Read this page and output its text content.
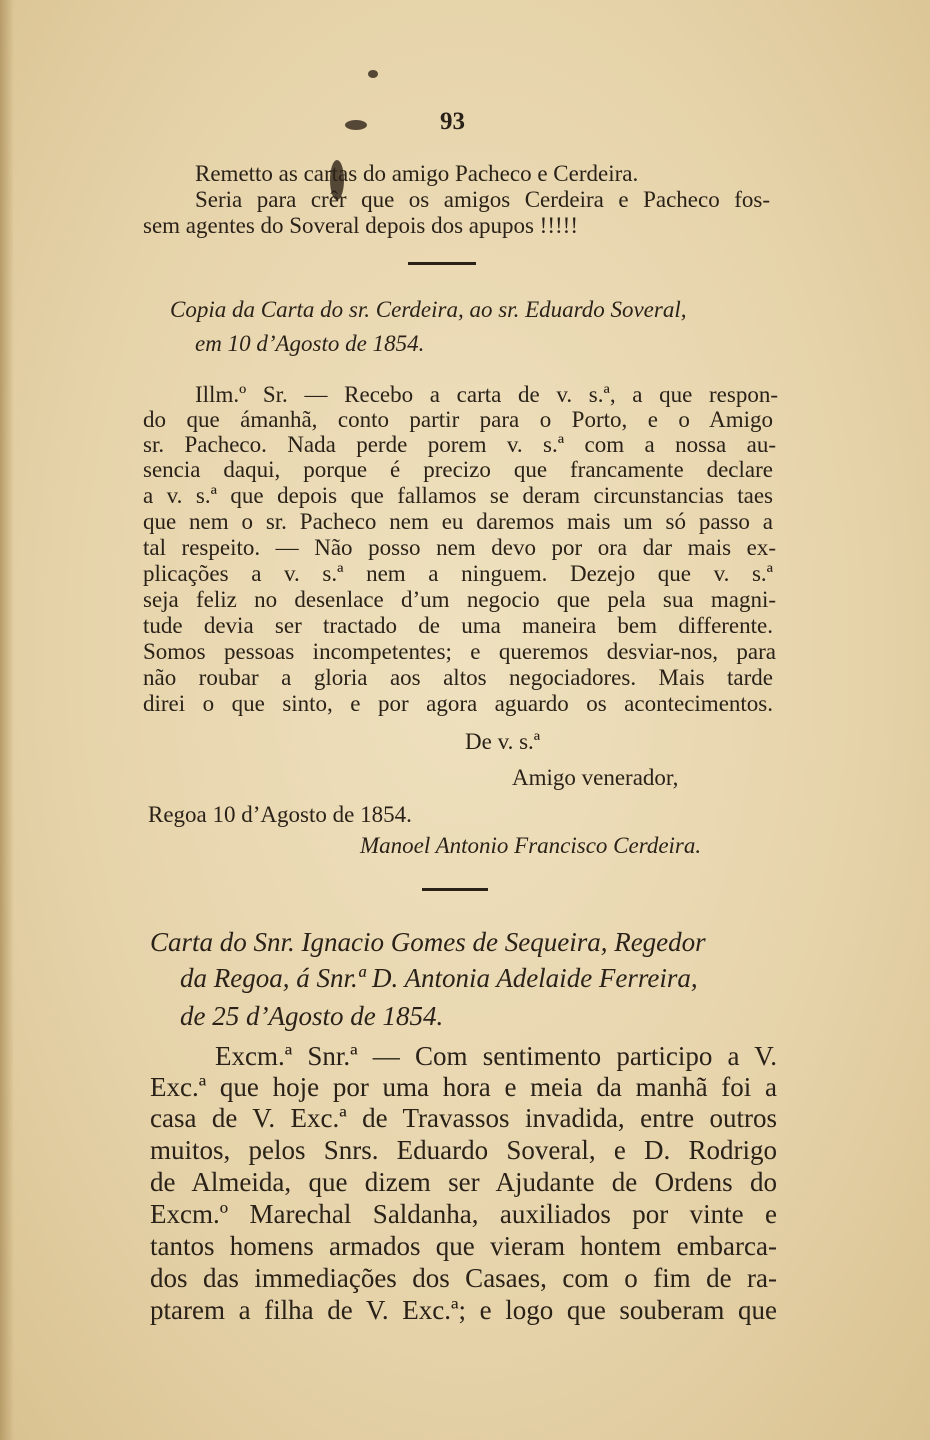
93
Remetto as cartas do amigo Pacheco e Cerdeira.
Seria para crêr que os amigos Cerdeira e Pacheco fos-
sem agentes do Soveral depois dos apupos !!!!!
Copia da Carta do sr. Cerdeira, ao sr. Eduardo Soveral,
em 10 d’Agosto de 1854.
Illm.º Sr. — Recebo a carta de v. s.ª, a que respon-
do que ámanhã, conto partir para o Porto, e o Amigo
sr. Pacheco. Nada perde porem v. s.ª com a nossa au-
sencia daqui, porque é precizo que francamente declare
a v. s.ª que depois que fallamos se deram circunstancias taes
que nem o sr. Pacheco nem eu daremos mais um só passo a
tal respeito. — Não posso nem devo por ora dar mais ex-
plicações a v. s.ª nem a ninguem. Dezejo que v. s.ª
seja feliz no desenlace d’um negocio que pela sua magni-
tude devia ser tractado de uma maneira bem differente.
Somos pessoas incompetentes; e queremos desviar-nos, para
não roubar a gloria aos altos negociadores. Mais tarde
direi o que sinto, e por agora aguardo os acontecimentos.
De v. s.ª
Amigo venerador,
Regoa 10 d’Agosto de 1854.
Manoel Antonio Francisco Cerdeira.
Carta do Snr. Ignacio Gomes de Sequeira, Regedor
da Regoa, á Snr.ª D. Antonia Adelaide Ferreira,
de 25 d’Agosto de 1854.
Excm.ª Snr.ª — Com sentimento participo a V.
Exc.ª que hoje por uma hora e meia da manhã foi a
casa de V. Exc.ª de Travassos invadida, entre outros
muitos, pelos Snrs. Eduardo Soveral, e D. Rodrigo
de Almeida, que dizem ser Ajudante de Ordens do
Excm.º Marechal Saldanha, auxiliados por vinte e
tantos homens armados que vieram hontem embarca-
dos das immediações dos Casaes, com o fim de ra-
ptarem a filha de V. Exc.ª; e logo que souberam que
